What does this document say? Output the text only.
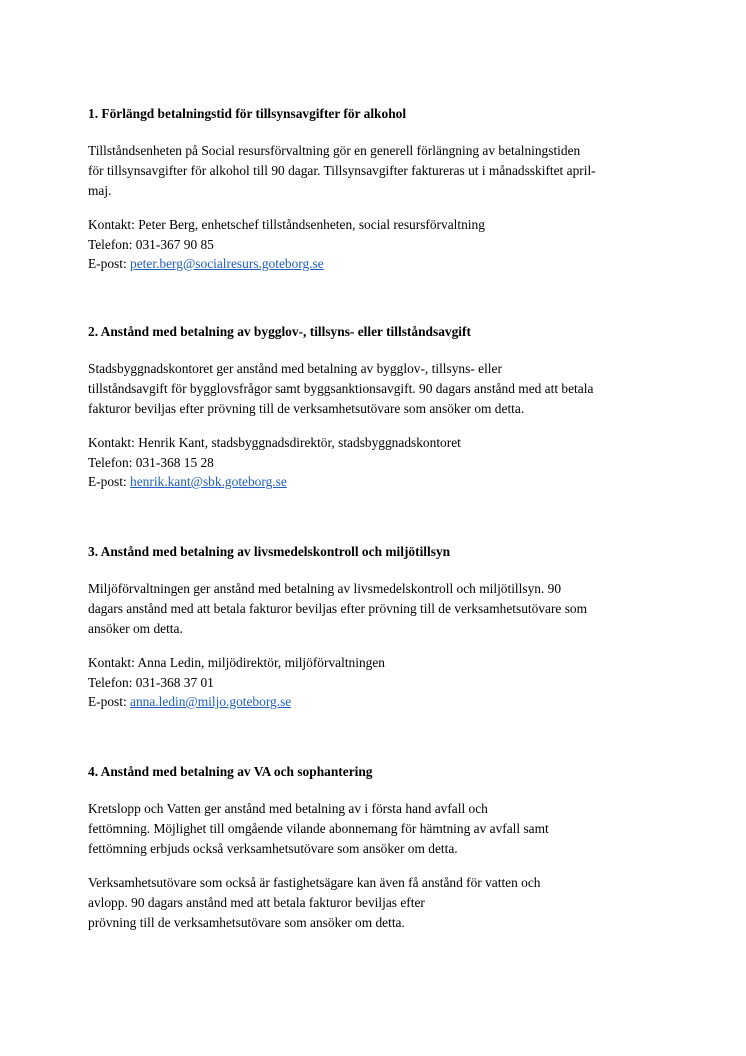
1. Förlängd betalningstid för tillsynsavgifter för alkohol

Tillståndsenheten på Social resursförvaltning gör en generell förlängning av betalningstiden
för tillsynsavgifter för alkohol till 90 dagar. Tillsynsavgifter faktureras ut i månadsskiftet april-
maj.

Kontakt: Peter Berg, enhetschef tillståndsenheten, social resursförvaltning
Telefon: 031-367 90 85
E-post: peter.berg@socialresurs.goteborg.se

2. Anstånd med betalning av bygglov-, tillsyns- eller tillståndsavgift

Stadsbyggnadskontoret ger anstånd med betalning av bygglov-, tillsyns- eller
tillståndsavgift för bygglovsfrågor samt byggsanktionsavgift. 90 dagars anstånd med att betala
fakturor beviljas efter prövning till de verksamhetsutövare som ansöker om detta.

Kontakt: Henrik Kant, stadsbyggnadsdirektör, stadsbyggnadskontoret
Telefon: 031-368 15 28
E-post: henrik.kant@sbk.goteborg.se

3. Anstånd med betalning av livsmedelskontroll och miljötillsyn

Miljöförvaltningen ger anstånd med betalning av livsmedelskontroll och miljötillsyn. 90
dagars anstånd med att betala fakturor beviljas efter prövning till de verksamhetsutövare som
ansöker om detta.

Kontakt: Anna Ledin, miljödirektör, miljöförvaltningen
Telefon: 031-368 37 01
E-post: anna.ledin@miljo.goteborg.se

4. Anstånd med betalning av VA och sophantering

Kretslopp och Vatten ger anstånd med betalning av i första hand avfall och
fettömning. Möjlighet till omgående vilande abonnemang för hämtning av avfall samt
fettömning erbjuds också verksamhetsutövare som ansöker om detta.

Verksamhetsutövare som också är fastighetsägare kan även få anstånd för vatten och
avlopp. 90 dagars anstånd med att betala fakturor beviljas efter
prövning till de verksamhetsutövare som ansöker om detta.
